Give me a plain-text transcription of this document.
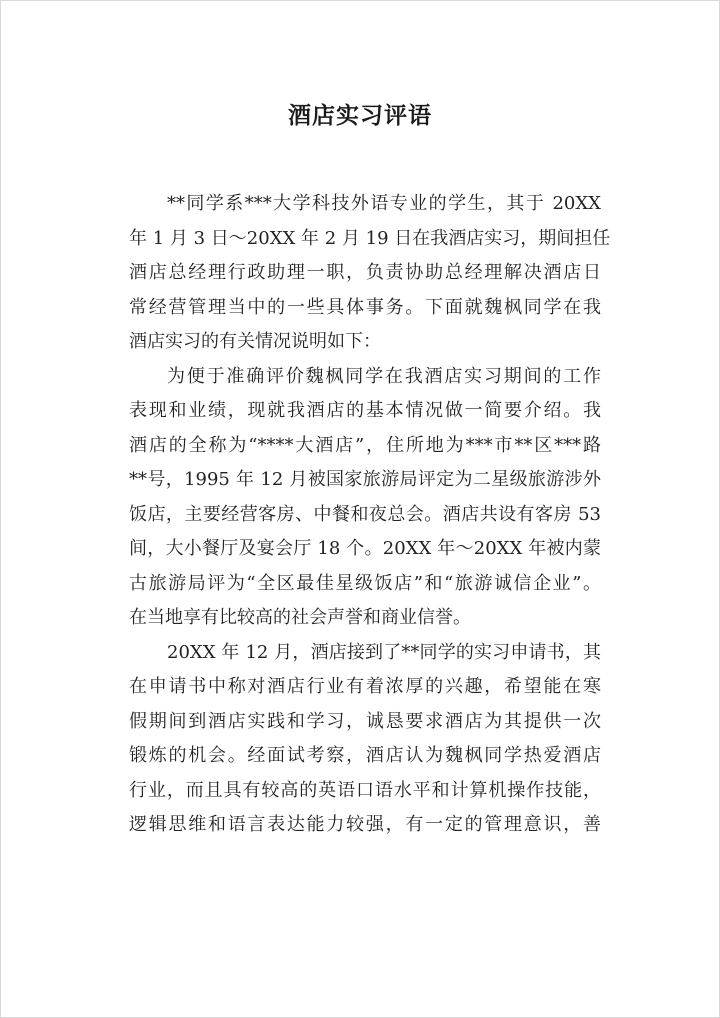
酒店实习评语

**同学系***大学科技外语专业的学生，其于 20XX
年 1 月 3 日～20XX 年 2 月 19 日在我酒店实习，期间担任
酒店总经理行政助理一职，负责协助总经理解决酒店日
常经营管理当中的一些具体事务。下面就魏枫同学在我
酒店实习的有关情况说明如下：

为便于准确评价魏枫同学在我酒店实习期间的工作
表现和业绩，现就我酒店的基本情况做一简要介绍。我
酒店的全称为“****大酒店”，住所地为***市**区***路
**号，1995 年 12 月被国家旅游局评定为二星级旅游涉外
饭店，主要经营客房、中餐和夜总会。酒店共设有客房 53
间，大小餐厅及宴会厅 18 个。20XX 年～20XX 年被内蒙
古旅游局评为“全区最佳星级饭店”和“旅游诚信企业”。
在当地享有比较高的社会声誉和商业信誉。

20XX 年 12 月，酒店接到了**同学的实习申请书，其
在申请书中称对酒店行业有着浓厚的兴趣，希望能在寒
假期间到酒店实践和学习，诚恳要求酒店为其提供一次
锻炼的机会。经面试考察，酒店认为魏枫同学热爱酒店
行业，而且具有较高的英语口语水平和计算机操作技能，
逻辑思维和语言表达能力较强，有一定的管理意识，善
